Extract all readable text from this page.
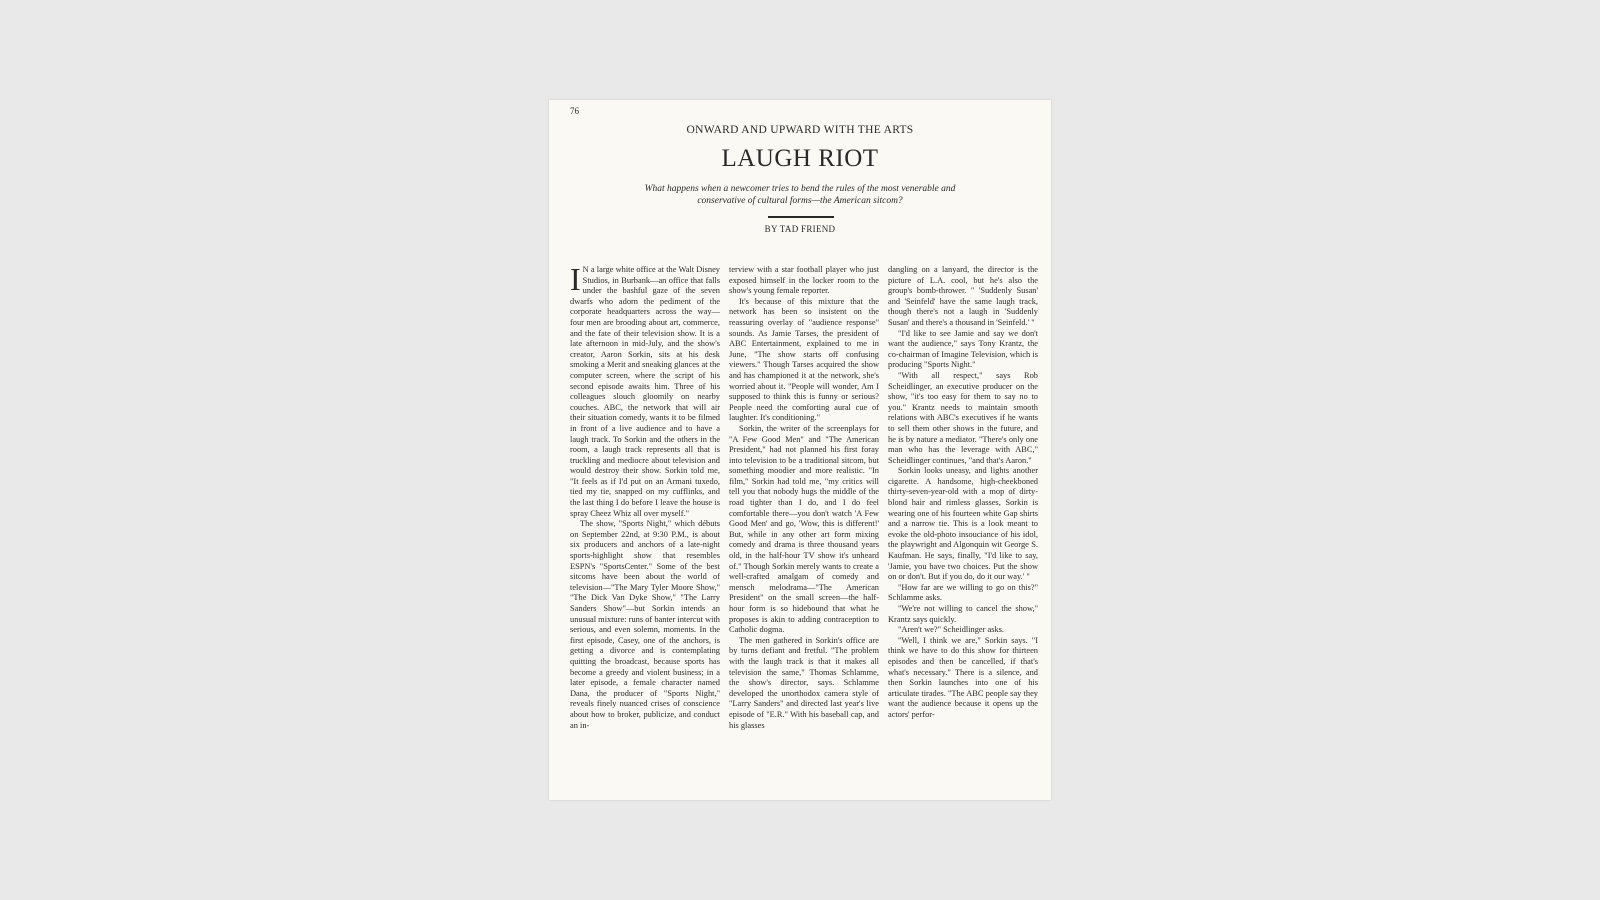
76
ONWARD AND UPWARD WITH THE ARTS
LAUGH RIOT
What happens when a newcomer tries to bend the rules of the most venerable and conservative of cultural forms—the American sitcom?
BY TAD FRIEND

I N a large white office at the Walt Disney Studios, in Burbank—an office that falls under the bashful gaze of the seven dwarfs who adorn the pediment of the corporate headquarters across the way—four men are brooding about art, commerce, and the fate of their television show. It is a late afternoon in mid-July, and the show's creator, Aaron Sorkin, sits at his desk smoking a Merit and sneaking glances at the computer screen, where the script of his second episode awaits him. Three of his colleagues slouch gloomily on nearby couches. ABC, the network that will air their situation comedy, wants it to be filmed in front of a live audience and to have a laugh track. To Sorkin and the others in the room, a laugh track represents all that is truckling and mediocre about television and would destroy their show. Sorkin told me, "It feels as if I'd put on an Armani tuxedo, tied my tie, snapped on my cufflinks, and the last thing I do before I leave the house is spray Cheez Whiz all over myself."

The show, "Sports Night," which débuts on September 22nd, at 9:30 P.M., is about six producers and anchors of a late-night sports-highlight show that resembles ESPN's "SportsCenter." Some of the best sitcoms have been about the world of television—"The Mary Tyler Moore Show," "The Dick Van Dyke Show," "The Larry Sanders Show"—but Sorkin intends an unusual mixture: runs of banter intercut with serious, and even solemn, moments. In the first episode, Casey, one of the anchors, is getting a divorce and is contemplating quitting the broadcast, because sports has become a greedy and violent business; in a later episode, a female character named Dana, the producer of "Sports Night," reveals finely nuanced crises of conscience about how to broker, publicize, and conduct an in-

terview with a star football player who just exposed himself in the locker room to the show's young female reporter.

It's because of this mixture that the network has been so insistent on the reassuring overlay of "audience response" sounds. As Jamie Tarses, the president of ABC Entertainment, explained to me in June, "The show starts off confusing viewers." Though Tarses acquired the show and has championed it at the network, she's worried about it. "People will wonder, Am I supposed to think this is funny or serious? People need the comforting aural cue of laughter. It's conditioning."

Sorkin, the writer of the screenplays for "A Few Good Men" and "The American President," had not planned his first foray into television to be a traditional sitcom, but something moodier and more realistic. "In film," Sorkin had told me, "my critics will tell you that nobody hugs the middle of the road tighter than I do, and I do feel comfortable there—you don't watch 'A Few Good Men' and go, 'Wow, this is different!' But, while in any other art form mixing comedy and drama is three thousand years old, in the half-hour TV show it's unheard of." Though Sorkin merely wants to create a well-crafted amalgam of comedy and mensch melodrama—"The American President" on the small screen—the half-hour form is so hidebound that what he proposes is akin to adding contraception to Catholic dogma.

The men gathered in Sorkin's office are by turns defiant and fretful. "The problem with the laugh track is that it makes all television the same," Thomas Schlamme, the show's director, says. Schlamme developed the unorthodox camera style of "Larry Sanders" and directed last year's live episode of "E.R." With his baseball cap, and his glasses

dangling on a lanyard, the director is the picture of L.A. cool, but he's also the group's bomb-thrower. " 'Suddenly Susan' and 'Seinfeld' have the same laugh track, though there's not a laugh in 'Suddenly Susan' and there's a thousand in 'Seinfeld.' "

"I'd like to see Jamie and say we don't want the audience," says Tony Krantz, the co-chairman of Imagine Television, which is producing "Sports Night."

"With all respect," says Rob Scheidlinger, an executive producer on the show, "it's too easy for them to say no to you." Krantz needs to maintain smooth relations with ABC's executives if he wants to sell them other shows in the future, and he is by nature a mediator. "There's only one man who has the leverage with ABC," Scheidlinger continues, "and that's Aaron."

Sorkin looks uneasy, and lights another cigarette. A handsome, high-cheekboned thirty-seven-year-old with a mop of dirty-blond hair and rimless glasses, Sorkin is wearing one of his fourteen white Gap shirts and a narrow tie. This is a look meant to evoke the old-photo insouciance of his idol, the playwright and Algonquin wit George S. Kaufman. He says, finally, "I'd like to say, 'Jamie, you have two choices. Put the show on or don't. But if you do, do it our way.' "

"How far are we willing to go on this?" Schlamme asks.

"We're not willing to cancel the show," Krantz says quickly.

"Aren't we?" Scheidlinger asks.

"Well, I think we are," Sorkin says. "I think we have to do this show for thirteen episodes and then be cancelled, if that's what's necessary." There is a silence, and then Sorkin launches into one of his articulate tirades. "The ABC people say they want the audience because it opens up the actors' perfor-
